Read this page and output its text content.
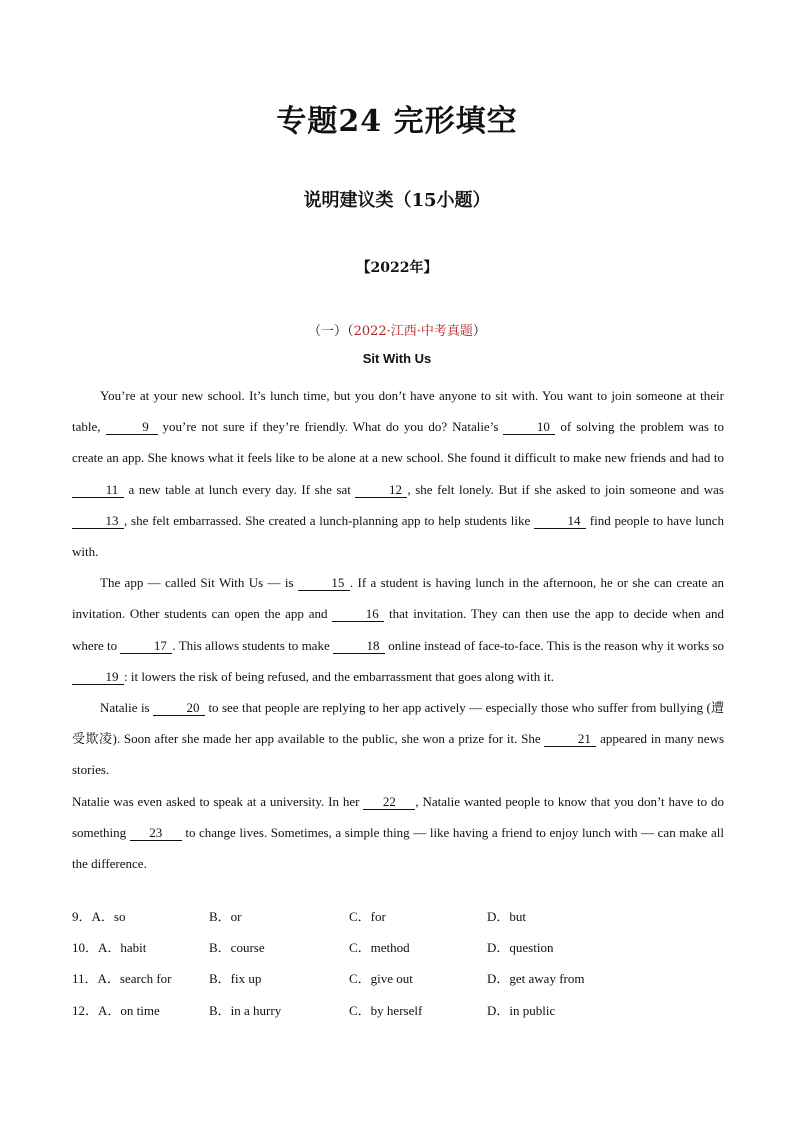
专题24 完形填空
说明建议类（15小题）
【2022年】
（一）（2022·江西·中考真题）
Sit With Us

You’re at your new school. It’s lunch time, but you don’t have anyone to sit with. You want to join someone at their table,	9 you’re not sure if they’re friendly. What do you do? Natalie’s	10 of solving the problem was to create an app. She knows what it feels like to be alone at a new school. She found it difficult to make new friends and had to 11 a new table at lunch every day. If she sat	12 , she felt lonely. But if she asked to join someone and was 13 , she felt embarrassed. She created a lunch-planning app to help students like	14 find people to have lunch with.

The app — called Sit With Us — is	15 . If a student is having lunch in the afternoon, he or she can create an invitation. Other students can open the app and	16 that invitation. They can then use the app to decide when and where to	17 . This allows students to make	18 online instead of face-to-face. This is the reason why it works so 19 : it lowers the risk of being refused, and the embarrassment that goes along with it.

Natalie is	20 to see that people are replying to her app actively — especially those who suffer from bullying (遭受欺凌). Soon after she made her app available to the public, she won a prize for it. She	21 appeared in many news stories.

Natalie was even asked to speak at a university. In her 22 , Natalie wanted people to know that you don’t have to do something 23 to change lives. Sometimes, a simple thing — like having a friend to enjoy lunch with — can make all the difference.

9．A．so	B．or	C．for	D．but
10．A．habit	B．course	C．method	D．question
11．A．search for	B．fix up	C．give out	D．get away from
12．A．on time	B．in a hurry	C．by herself	D．in public
